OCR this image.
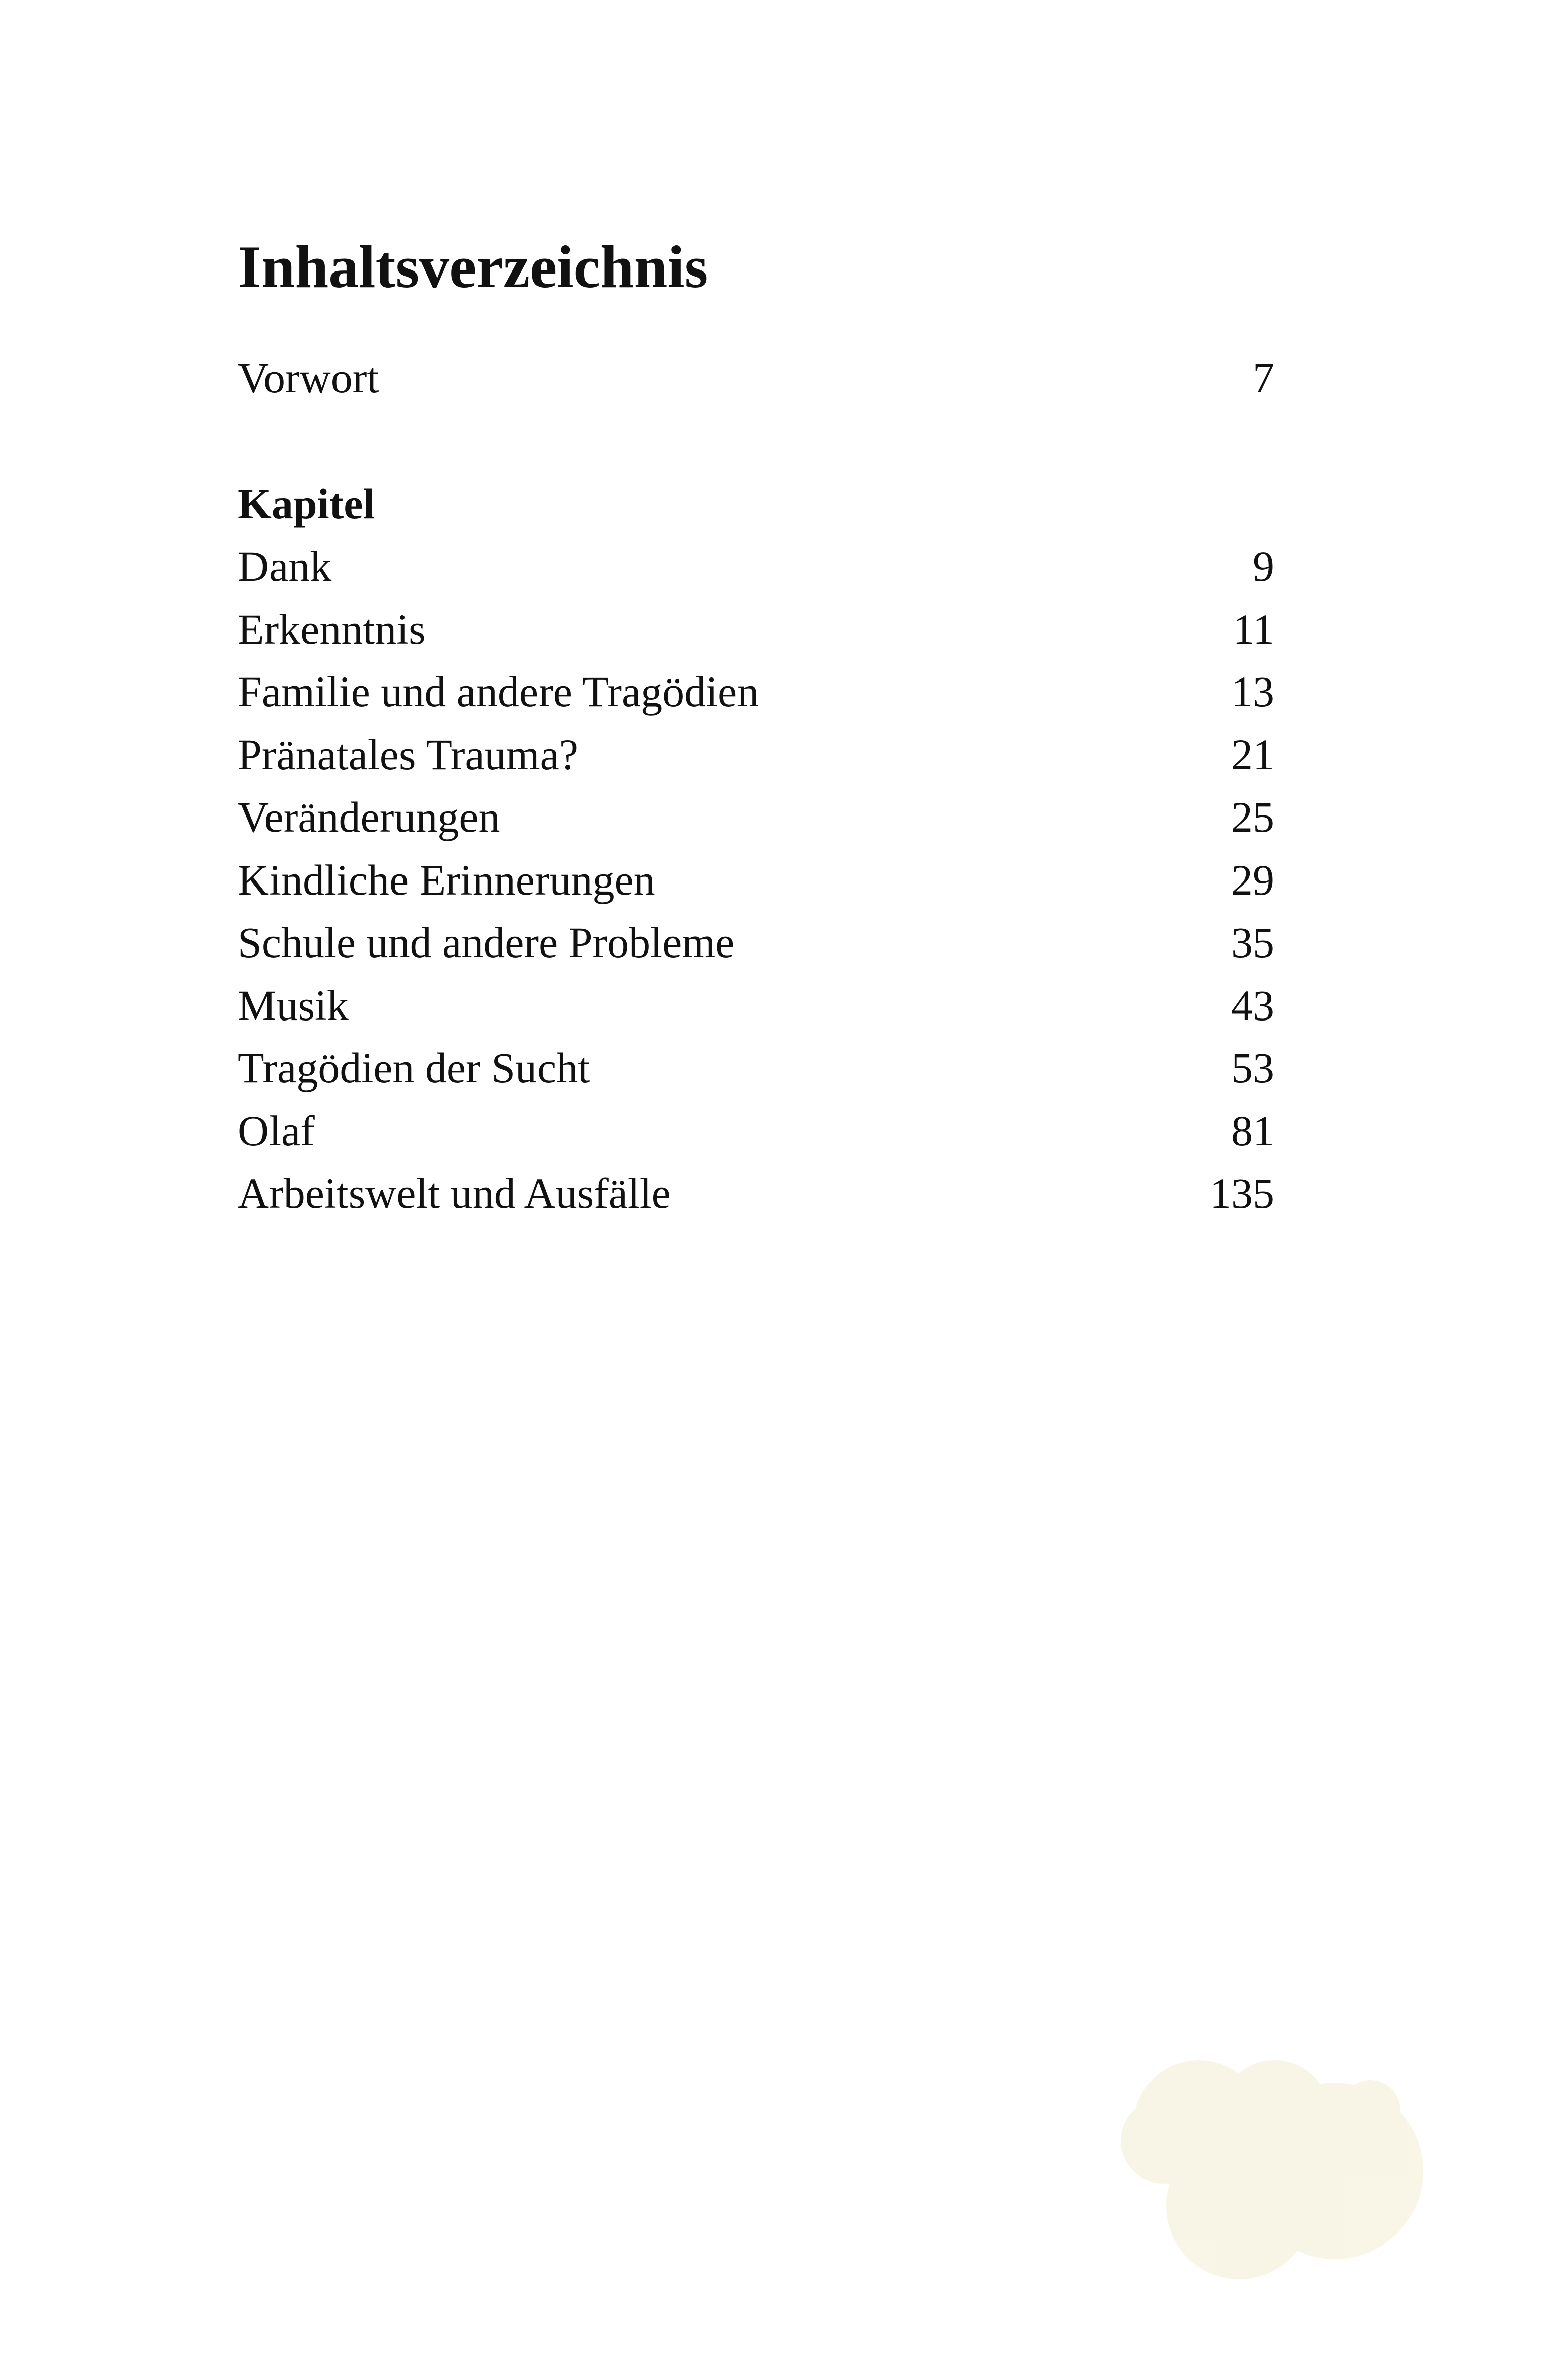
Inhaltsverzeichnis
Vorwort	7
Kapitel
Dank	9
Erkenntnis	11
Familie und andere Tragödien	13
Pränatales Trauma?	21
Veränderungen	25
Kindliche Erinnerungen	29
Schule und andere Probleme	35
Musik	43
Tragödien der Sucht	53
Olaf	81
Arbeitswelt und Ausfälle	135
